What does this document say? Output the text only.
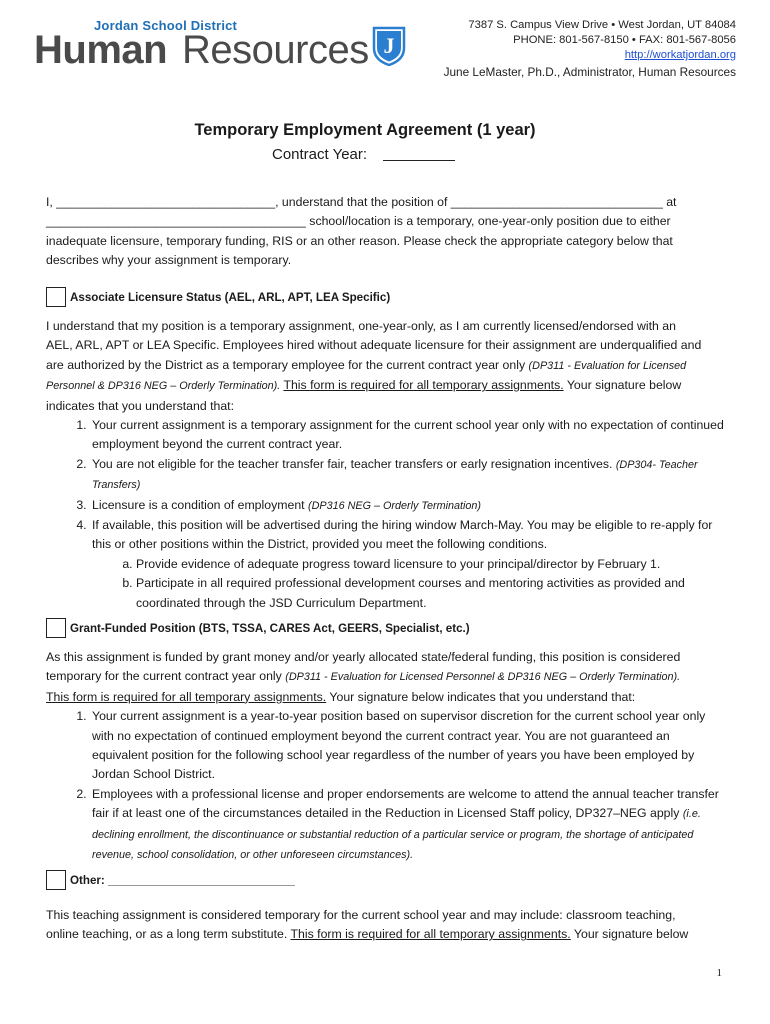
Jordan School District
Human Resources J
7387 S. Campus View Drive • West Jordan, UT 84084
PHONE: 801-567-8150 • FAX: 801-567-8056
http://workatjordan.org
June LeMaster, Ph.D., Administrator, Human Resources
Temporary Employment Agreement (1 year)
Contract Year:

I, ________________________________, understand that the position of _______________________________ at

______________________________________ school/location is a temporary, one-year-only position due to either

inadequate licensure, temporary funding, RIS or an other reason. Please check the appropriate category below that

describes why your assignment is temporary.

Associate Licensure Status (AEL, ARL, APT, LEA Specific)

I understand that my position is a temporary assignment, one-year-only, as I am currently licensed/endorsed with an

AEL, ARL, APT or LEA Specific. Employees hired without adequate licensure for their assignment are underqualified and

are authorized by the District as a temporary employee for the current contract year only (DP311 - Evaluation for Licensed

Personnel & DP316 NEG – Orderly Termination). This form is required for all temporary assignments. Your signature below

indicates that you understand that:

1. Your current assignment is a temporary assignment for the current school year only with no expectation of continued employment beyond the current contract year.
2. You are not eligible for the teacher transfer fair, teacher transfers or early resignation incentives. (DP304- Teacher Transfers)
3. Licensure is a condition of employment (DP316 NEG – Orderly Termination)
4. If available, this position will be advertised during the hiring window March-May. You may be eligible to re-apply for this or other positions within the District, provided you meet the following conditions.
a. Provide evidence of adequate progress toward licensure to your principal/director by February 1.
b. Participate in all required professional development courses and mentoring activities as provided and coordinated through the JSD Curriculum Department.
Grant-Funded Position (BTS, TSSA, CARES Act, GEERS, Specialist, etc.)

As this assignment is funded by grant money and/or yearly allocated state/federal funding, this position is considered

temporary for the current contract year only (DP311 - Evaluation for Licensed Personnel & DP316 NEG – Orderly Termination).

This form is required for all temporary assignments. Your signature below indicates that you understand that:

1. Your current assignment is a year-to-year position based on supervisor discretion for the current school year only with no expectation of continued employment beyond the current contract year. You are not guaranteed an equivalent position for the following school year regardless of the number of years you have been employed by Jordan School District.
2. Employees with a professional license and proper endorsements are welcome to attend the annual teacher transfer fair if at least one of the circumstances detailed in the Reduction in Licensed Staff policy, DP327–NEG apply (i.e. declining enrollment, the discontinuance or substantial reduction of a particular service or program, the shortage of anticipated revenue, school consolidation, or other unforeseen circumstances).
Other: _____________________________

This teaching assignment is considered temporary for the current school year and may include: classroom teaching,

online teaching, or as a long term substitute. This form is required for all temporary assignments. Your signature below

1
